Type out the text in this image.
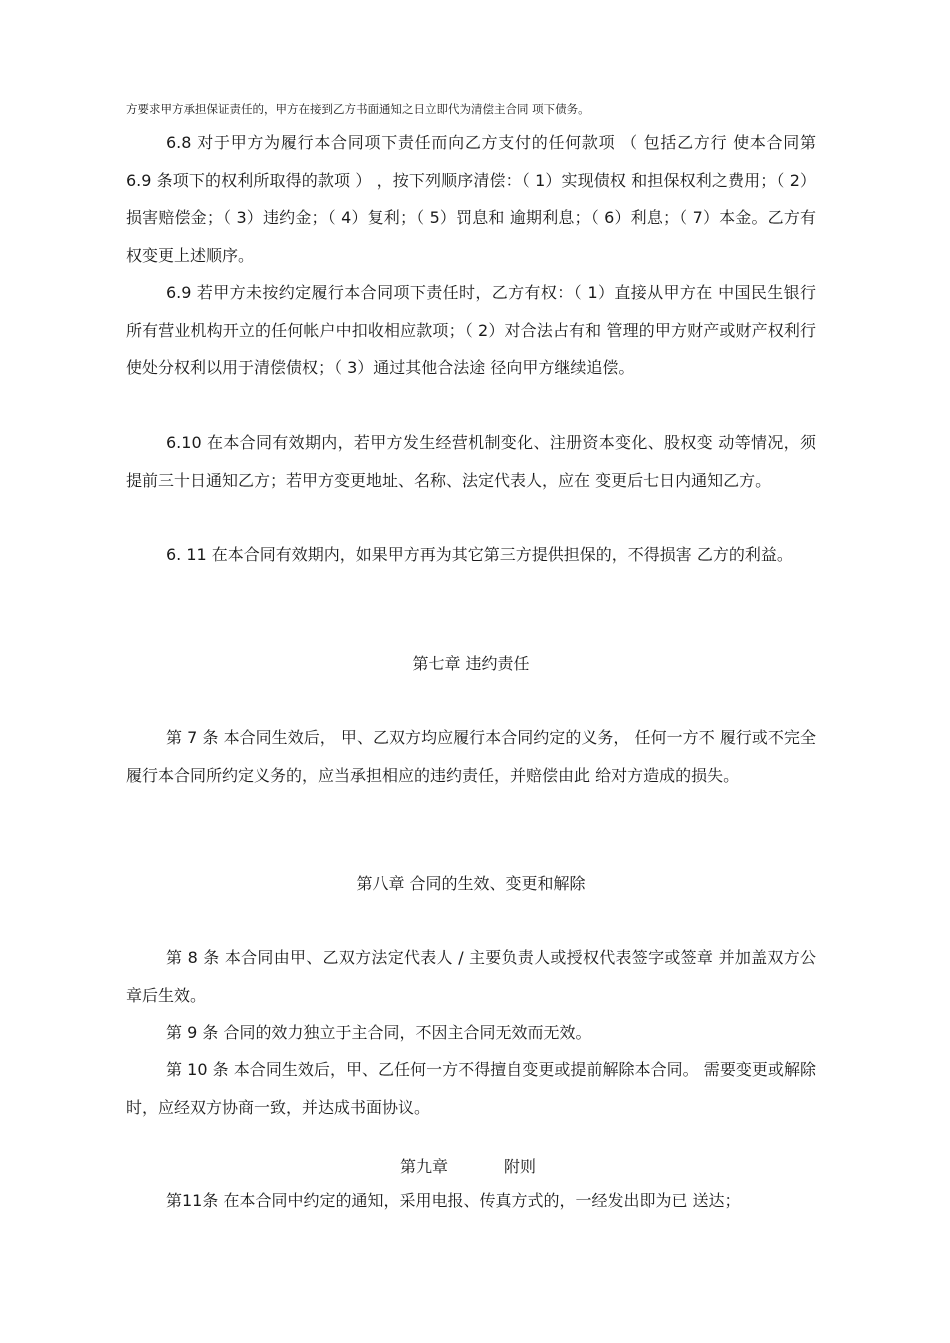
方要求甲方承担保证责任的，甲方在接到乙方书面通知之日立即代为清偿主合同 项下债务。

6.8 对于甲方为履行本合同项下责任而向乙方支付的任何款项 （ 包括乙方行 使本合同第 6.9 条项下的权利所取得的款项 ） ，按下列顺序清偿：（ 1）实现债权 和担保权利之费用；（ 2）损害赔偿金；（ 3）违约金；（ 4）复利；（ 5）罚息和 逾期利息；（ 6）利息；（ 7）本金。乙方有权变更上述顺序。

6.9 若甲方未按约定履行本合同项下责任时，乙方有权：（ 1）直接从甲方在 中国民生银行所有营业机构开立的任何帐户中扣收相应款项；（ 2）对合法占有和 管理的甲方财产或财产权利行使处分权利以用于清偿债权；（ 3）通过其他合法途 径向甲方继续追偿。

6.10 在本合同有效期内，若甲方发生经营机制变化、注册资本变化、股权变 动等情况，须提前三十日通知乙方；若甲方变更地址、名称、法定代表人，应在 变更后七日内通知乙方。

6. 11 在本合同有效期内，如果甲方再为其它第三方提供担保的，不得损害 乙方的利益。

第七章 违约责任

第 7 条 本合同生效后， 甲、乙双方均应履行本合同约定的义务， 任何一方不 履行或不完全履行本合同所约定义务的，应当承担相应的违约责任，并赔偿由此 给对方造成的损失。

第八章 合同的生效、变更和解除

第 8 条 本合同由甲、乙双方法定代表人 / 主要负责人或授权代表签字或签章 并加盖双方公章后生效。

第 9 条 合同的效力独立于主合同，不因主合同无效而无效。

第 10 条 本合同生效后，甲、乙任何一方不得擅自变更或提前解除本合同。 需要变更或解除时，应经双方协商一致，并达成书面协议。

第九章	附则

第11条 在本合同中约定的通知，采用电报、传真方式的，一经发出即为已 送达；
